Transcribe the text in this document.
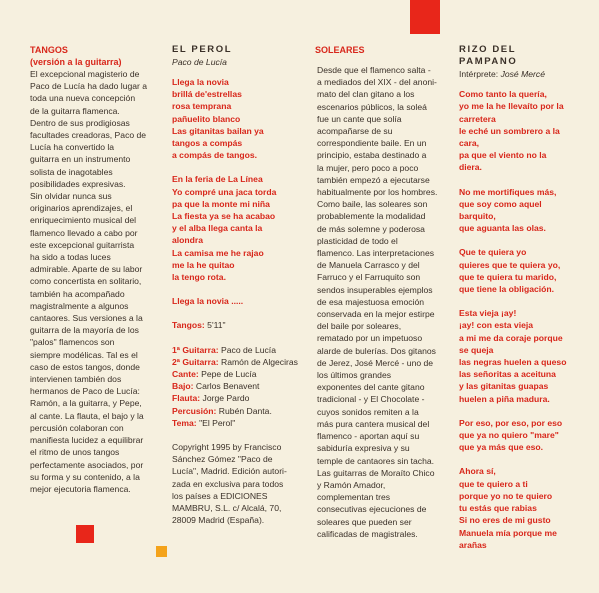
TANGOS
(versión a la guitarra)
El excepcional magisterio de
Paco de Lucía ha dado lugar a
toda una nueva concepción
de la guitarra flamenca.
Dentro de sus prodigiosas
facultades creadoras, Paco de
Lucía ha convertido la
guitarra en un instrumento
solista de inagotables
posibilidades expresivas.
Sin olvidar nunca sus
originarios aprendizajes, el
enriquecimiento musical del
flamenco llevado a cabo por
este excepcional guitarrista
ha sido a todas luces
admirable. Aparte de su labor
como concertista en solitario,
también ha acompañado
magistralmente a algunos
cantaores. Sus versiones a la
guitarra de la mayoría de los
"palos" flamencos son
siempre modélicas. Tal es el
caso de estos tangos, donde
intervienen también dos
hermanos de Paco de Lucía:
Ramón, a la guitarra, y Pepe,
al cante. La flauta, el bajo y la
percusión colaboran con
manifiesta lucidez a equilibrar
el ritmo de unos tangos
perfectamente asociados, por
su forma y su contenido, a la
mejor ejecutoria flamenca.
EL PEROL
Paco de Lucía
Llega la novia
brillá de'estrellas
rosa temprana
pañuelito blanco
Las gitanitas bailan ya
tangos a compás
a compás de tangos.
En la feria de La Línea
Yo compré una jaca torda
pa que la monte mi niña
La fiesta ya se ha acabao
y el alba llega canta la
alondra
La camisa me he rajao
me la he quitao
la tengo rota.
Llega la novia .....
Tangos: 5'11"
1ª Guitarra: Paco de Lucía
2ª Guitarra: Ramón de Algeciras
Cante: Pepe de Lucía
Bajo: Carlos Benavent
Flauta: Jorge Pardo
Percusión: Rubén Danta.
Tema: "El Perol"
Copyright 1995 by Francisco
Sánchez Gómez "Paco de
Lucía", Madrid. Edición autori-
zada en exclusiva para todos
los países a EDICIONES
MAMBRU, S.L. c/ Alcalá, 70,
28009 Madrid (España).
SOLEARES
Desde que el flamenco salta -
a mediados del XIX - del anoni-
mato del clan gitano a los
escenarios públicos, la soleá
fue un cante que solía
acompañarse de su
correspondiente baile. En un
principio, estaba destinado a
la mujer, pero poco a poco
también empezó a ejecutarse
habitualmente por los hombres.
Como baile, las soleares son
probablemente la modalidad
de más solemne y poderosa
plasticidad de todo el
flamenco. Las interpretaciones
de Manuela Carrasco y del
Farruco y el Farruquito son
sendos insuperables ejemplos
de esa majestuosa emoción
conservada en la mejor estirpe
del baile por soleares,
rematado por un impetuoso
alarde de bulerías. Dos gitanos
de Jerez, José Mercé - uno de
los últimos grandes
exponentes del cante gitano
tradicional - y El Chocolate -
cuyos sonidos remiten a la
más pura cantera musical del
flamenco - aportan aquí su
sabiduría expresiva y su
temple de cantaores sin tacha.
Las guitarras de Moraíto Chico
y Ramón Amador,
complementan tres
consecutivas ejecuciones de
soleares que pueden ser
calificadas de magistrales.
RIZO DEL
PAMPANO
Intérprete: José Mercé
Como tanto la quería,
yo me la he llevaíto por la
carretera
le eché un sombrero a la
cara,
pa que el viento no la
diera.
No me mortifiques más,
que soy como aquel
barquito,
que aguanta las olas.
Que te quiera yo
quieres que te quiera yo,
que te quiera tu marido,
que tiene la obligación.
Esta vieja ¡ay!
¡ay! con esta vieja
a mi me da coraje porque
se queja
las negras huelen a queso
las señoritas a aceituna
y las gitanitas guapas
huelen a piña madura.
Por eso, por eso, por eso
que ya no quiero "mare"
que ya más que eso.
Ahora sí,
que te quiero a ti
porque yo no te quiero
tu estás que rabias
Si no eres de mi gusto
Manuela mía porque me
arañas
